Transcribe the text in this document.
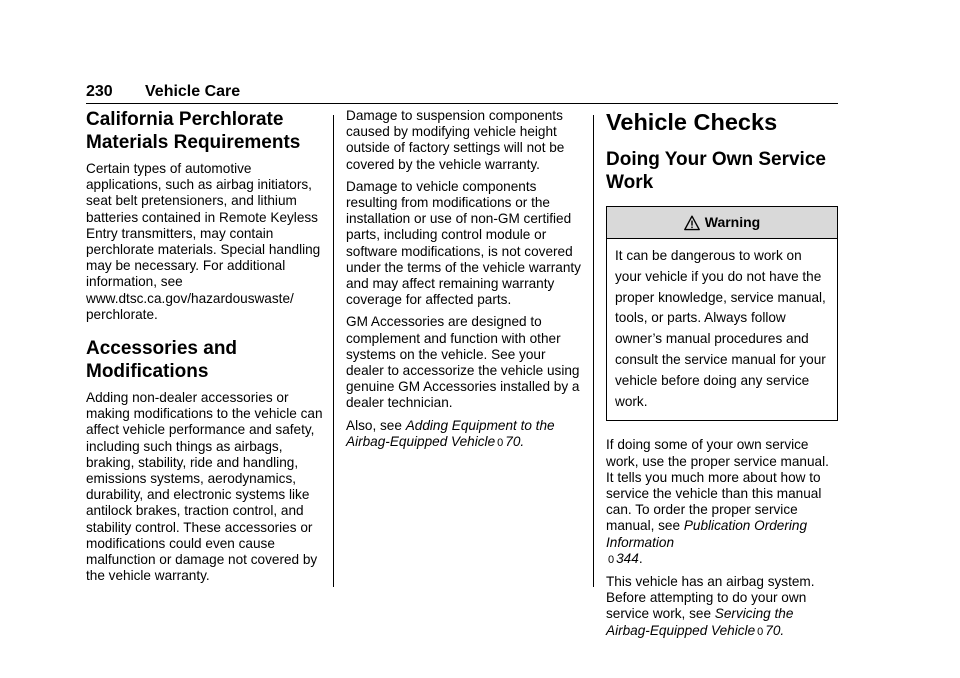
230 Vehicle Care
California Perchlorate Materials Requirements

Certain types of automotive applications, such as airbag initiators, seat belt pretensioners, and lithium batteries contained in Remote Keyless Entry transmitters, may contain perchlorate materials. Special handling may be necessary. For additional information, see www.dtsc.ca.gov/hazardouswaste/ perchlorate.

Accessories and Modifications

Adding non-dealer accessories or making modifications to the vehicle can affect vehicle performance and safety, including such things as airbags, braking, stability, ride and handling, emissions systems, aerodynamics, durability, and electronic systems like antilock brakes, traction control, and stability control. These accessories or modifications could even cause malfunction or damage not covered by the vehicle warranty.

Damage to suspension components caused by modifying vehicle height outside of factory settings will not be covered by the vehicle warranty.

Damage to vehicle components resulting from modifications or the installation or use of non-GM certified parts, including control module or software modifications, is not covered under the terms of the vehicle warranty and may affect remaining warranty coverage for affected parts.

GM Accessories are designed to complement and function with other systems on the vehicle. See your dealer to accessorize the vehicle using genuine GM Accessories installed by a dealer technician.

Also, see Adding Equipment to the Airbag-Equipped Vehicle 0 70.

Vehicle Checks
Doing Your Own Service Work
Warning
It can be dangerous to work on your vehicle if you do not have the proper knowledge, service manual, tools, or parts. Always follow owner’s manual procedures and consult the service manual for your vehicle before doing any service work.

If doing some of your own service work, use the proper service manual. It tells you much more about how to service the vehicle than this manual can. To order the proper service manual, see Publication Ordering Information
0 344.

This vehicle has an airbag system. Before attempting to do your own service work, see Servicing the Airbag-Equipped Vehicle 0 70.
